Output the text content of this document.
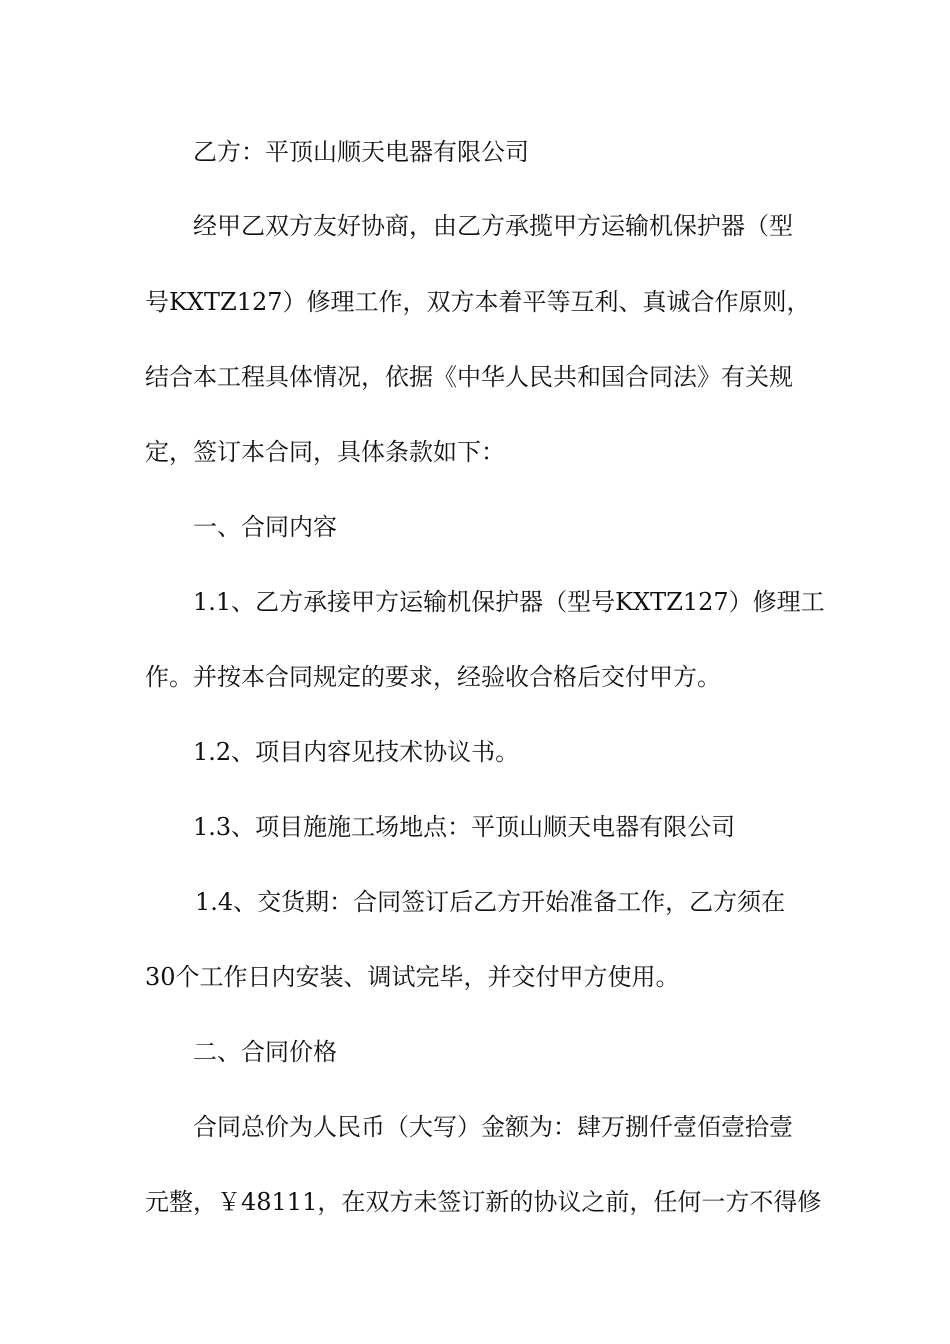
乙方：平顶山顺天电器有限公司
经甲乙双方友好协商，由乙方承揽甲方运输机保护器（型
号KXTZ127）修理工作，双方本着平等互利、真诚合作原则，
结合本工程具体情况，依据《中华人民共和国合同法》有关规
定，签订本合同，具体条款如下：
一、合同内容
1.1、乙方承接甲方运输机保护器（型号KXTZ127）修理工
作。并按本合同规定的要求，经验收合格后交付甲方。
1.2、项目内容见技术协议书。
1.3、项目施施工场地点：平顶山顺天电器有限公司
1.4、交货期：合同签订后乙方开始准备工作，乙方须在
30个工作日内安装、调试完毕，并交付甲方使用。
二、合同价格
合同总价为人民币（大写）金额为：肆万捌仟壹佰壹拾壹
元整，￥48111，在双方未签订新的协议之前，任何一方不得修
